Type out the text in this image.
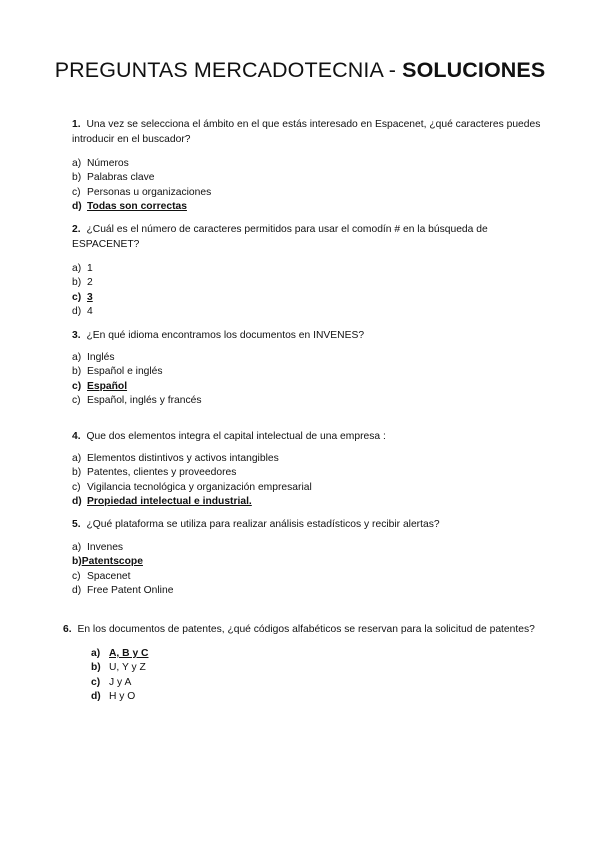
PREGUNTAS MERCADOTECNIA - SOLUCIONES
1. Una vez se selecciona el ámbito en el que estás interesado en Espacenet, ¿qué caracteres puedes introducir en el buscador?
a) Números
b) Palabras clave
c) Personas u organizaciones
d) Todas son correctas
2. ¿Cuál es el número de caracteres permitidos para usar el comodín # en la búsqueda de ESPACENET?
a) 1
b) 2
c) 3
d) 4
3. ¿En qué idioma encontramos los documentos en INVENES?
a) Inglés
b) Español e inglés
c) Español
c) Español, inglés y francés
4. Que dos elementos integra el capital intelectual de una empresa :
a) Elementos distintivos y activos intangibles
b) Patentes, clientes y proveedores
c) Vigilancia tecnológica y organización empresarial
d) Propiedad intelectual e industrial.
5. ¿Qué plataforma se utiliza para realizar análisis estadísticos y recibir alertas?
a) Invenes
b)Patentscope
c) Spacenet
d) Free Patent Online
6. En los documentos de patentes, ¿qué códigos alfabéticos se reservan para la solicitud de patentes?
a) A, B y C
b) U, Y y Z
c) J y A
d) H y O
